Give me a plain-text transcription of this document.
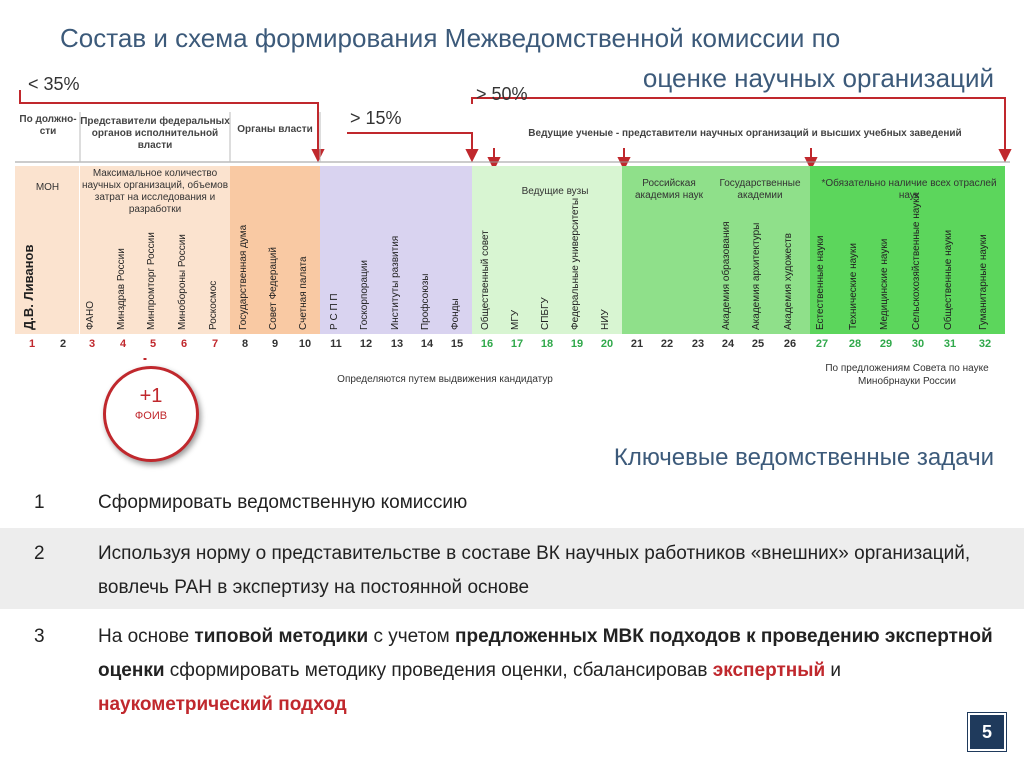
Состав и схема формирования Межведомственной комиссии по
оценке научных организаций
< 35%
> 15%
> 50%
По должно-сти
Представители федеральных органов исполнительной власти
Органы власти	Ведущие ученые - представители научных организаций и высших учебных заведений
МОН
Максимальное количество научных организаций, объемов затрат на исследования и разработки
Ведущие вузы
Российская академия наук
Государственные академии
*Обязательно наличие всех отраслей наук
Д.В. Ливанов	ФАНО	Минздрав России	Минпромторг России	Минобороны России	Роскосмос	Государственная дума	Совет Федераций	Счетная палата	Р С П П	Госкорпорации	Институты развития	Профсоюзы	Фонды	Общественный совет	МГУ	СПБГУ	Федеральные университеты	НИУ	Академия образования	Академия архитектуры	Академия художеств	Естественные науки	Технические науки	Медицинские науки	Сельскохозяйственные науки	Общественные науки	Гуманитарные науки
1	2	3	4	5	6	7	8	9	10	11	12	13	14	15	16	17	18	19	20	21	22	23	24	25	26	27	28	29	30	31	32
Определяются путем выдвижения кандидатур
По предложениям Совета по науке Минобрнауки России
+1
ФОИВ
Ключевые ведомственные задачи
1	Сформировать ведомственную комиссию
2	Используя норму о представительстве в составе ВК научных работников «внешних» организаций, вовлечь РАН в экспертизу на постоянной основе
3	На основе типовой методики с учетом предложенных МВК подходов к проведению экспертной оценки сформировать методику проведения оценки, сбалансировав экспертный и наукометрический подход
5
